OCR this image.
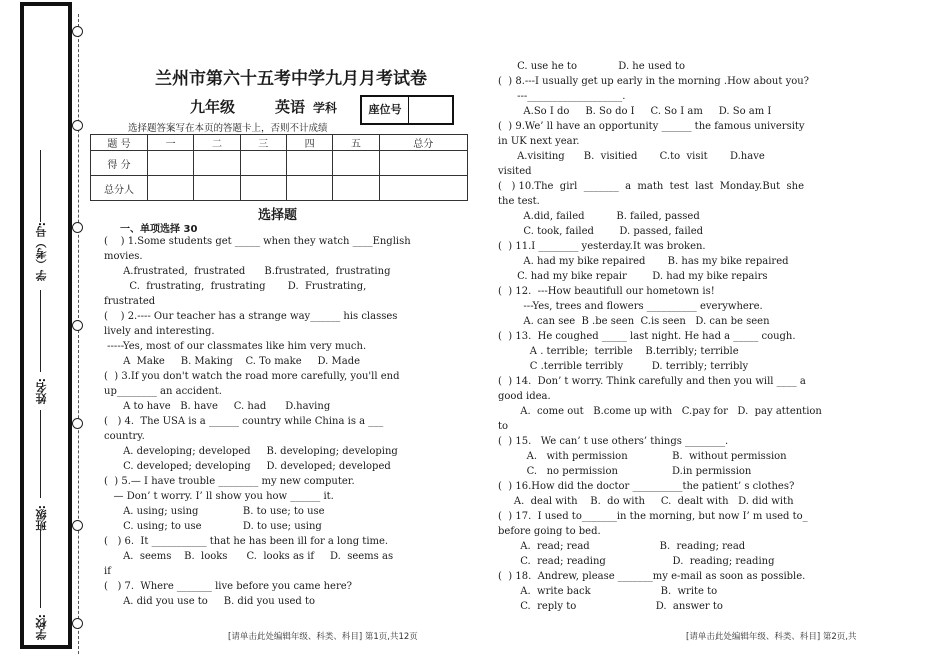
学校:
班级:
姓名:
学（考）号:
兰州市第六十五考中学九月月考试卷
九年级	英语 学科	座位号
选择题答案写在本页的答题卡上，否则不计成绩
题 号	一	二	三	四	五	总分
得 分						
总分人						
选择题
一、单项选择 30
(    ) 1.Some students get _____ when they watch ____English
movies.
A.frustrated,  frustrated      B.frustrated,  frustrating
C.  frustrating,  frustrating       D.  Frustrating,
frustrated
(    ) 2.---- Our teacher has a strange way______ his classes
lively and interesting.
-----Yes, most of our classmates like him very much.
A  Make     B. Making    C. To make     D. Made
(  ) 3.If you don't watch the road more carefully, you'll end
up________ an accident.
A to have   B. have     C. had      D.having
(   ) 4.  The USA is a ______ country while China is a ___
country.
A. developing; developed     B. developing; developing
C. developed; developing     D. developed; developed
(  ) 5.— I have trouble ________ my new computer.
— Don’ t worry. I’ ll show you how ______ it.
A. using; using              B. to use; to use
C. using; to use             D. to use; using
(   ) 6.  It ___________ that he has been ill for a long time.
A.  seems    B.  looks      C.  looks as if     D.  seems as
if
(   ) 7.  Where _______ live before you came here?
A. did you use to     B. did you used to
C. use he to             D. he used to
(  ) 8.---I usually get up early in the morning .How about you?
---___________________.
A.So I do     B. So do I     C. So I am     D. So am I
(  ) 9.We’ ll have an opportunity ______ the famous university
in UK next year.
A.visiting      B.  visitied       C.to  visit       D.have
visited
(   ) 10.The  girl  _______  a  math  test  last  Monday.But  she
the test.
A.did, failed          B. failed, passed
C. took, failed        D. passed, failed
(  ) 11.I ________ yesterday.It was broken.
A. had my bike repaired       B. has my bike repaired
C. had my bike repair        D. had my bike repairs
(  ) 12.  ---How beautifull our hometown is!
---Yes, trees and flowers __________ everywhere.
A. can see  B .be seen  C.is seen   D. can be seen
(  ) 13.  He coughed _____ last night. He had a _____ cough.
A . terrible;  terrible    B.terribly; terrible
C .terrible terribly         D. terribly; terribly
(  ) 14.  Don’ t worry. Think carefully and then you will ____ a
good idea.
A.  come out   B.come up with   C.pay for   D.  pay attention
to
(  ) 15.   We can’ t use others’ things ________.
A.   with permission              B.  without permission
C.   no permission                 D.in permission
(  ) 16.How did the doctor __________the patient’ s clothes?
A.  deal with    B.  do with     C.  dealt with   D. did with
(  ) 17.  I used to_______in the morning, but now I’ m used to_
before going to bed.
A.  read; read                      B.  reading; read
C.  read; reading                     D.  reading; reading
(  ) 18.  Andrew, please _______my e-mail as soon as possible.
A.  write back                      B.  write to
C.  reply to                         D.  answer to
[请单击此处编辑年级、科类、科目] 第1页,共12页	[请单击此处编辑年级、科类、科目] 第2页,共
